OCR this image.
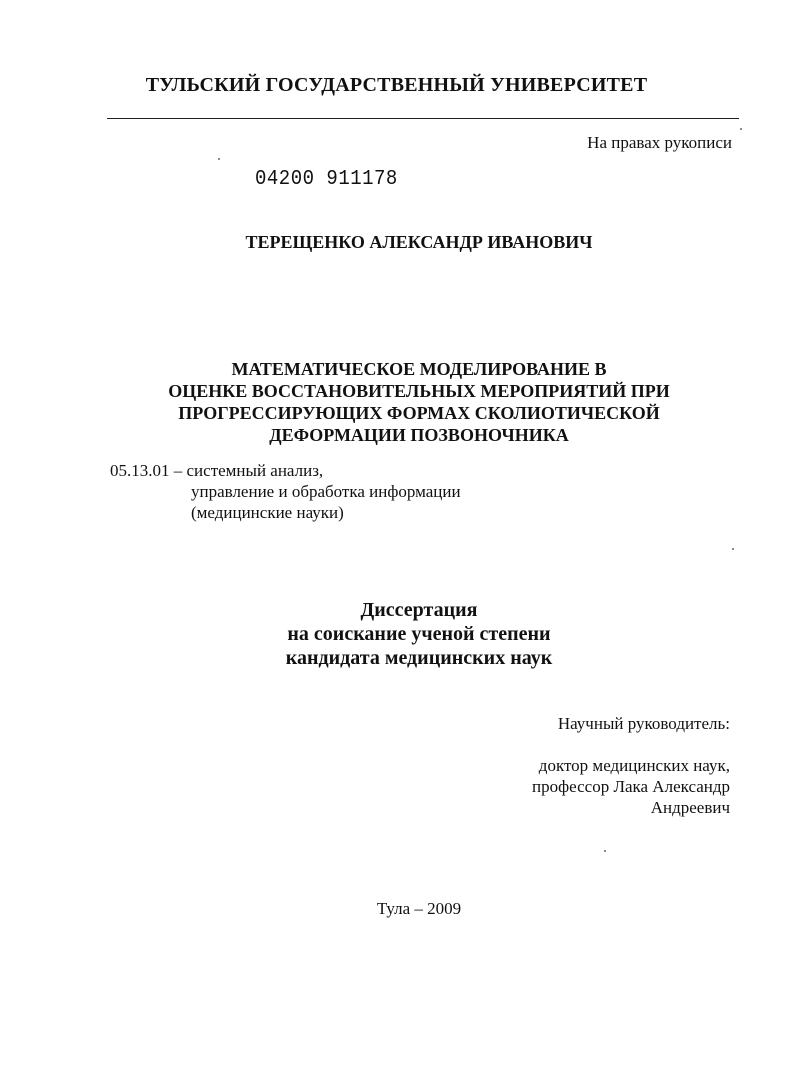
ТУЛЬСКИЙ ГОСУДАРСТВЕННЫЙ УНИВЕРСИТЕТ
На правах рукописи
04200 911178
ТЕРЕЩЕНКО АЛЕКСАНДР ИВАНОВИЧ
МАТЕМАТИЧЕСКОЕ МОДЕЛИРОВАНИЕ В
ОЦЕНКЕ ВОССТАНОВИТЕЛЬНЫХ МЕРОПРИЯТИЙ ПРИ
ПРОГРЕССИРУЮЩИХ ФОРМАХ СКОЛИОТИЧЕСКОЙ
ДЕФОРМАЦИИ ПОЗВОНОЧНИКА
05.13.01 – системный анализ,
управление и обработка информации
(медицинские науки)
Диссертация
на соискание ученой степени
кандидата медицинских наук
Научный руководитель:
доктор медицинских наук,
профессор Лака Александр
Андреевич
Тула – 2009
